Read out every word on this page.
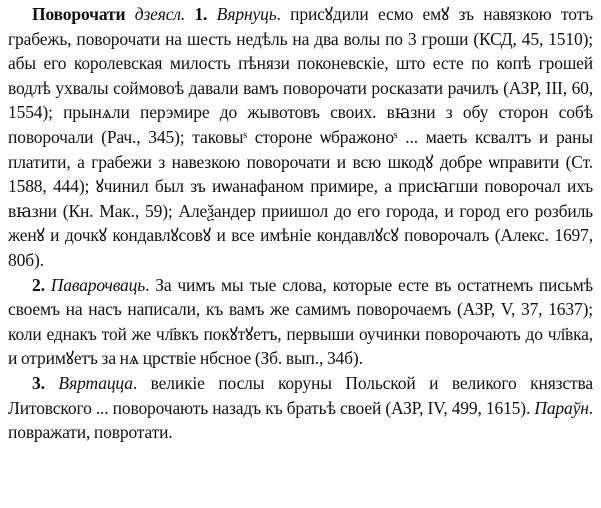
Поворочати дзеясл. 1. Вярнуць. присꙋдили есмо емꙋ зъ навязкою тотъ грабежь, поворочати на шесть недѣль на два волы по 3 гроши (КСД, 45, 1510); абы его королевская милость пѣнязи поконевскіе, што есте по копѣ грошей водлѣ ухвалы соймовоѣ давали вамъ поворочати росказати рачилъ (АЗР, III, 60, 1554); прынѧли перэмире до жывотовъ своих. вꙗзни з обу сторон собѣ поворочали (Рач., 345); таковыˢ стороне ѡбражоноˢ ... маеть ксвалтъ и раны платити, а грабежи з навезкою поворочати и всю шкодꙋ добре ѡправити (Ст. 1588, 444); ꙋчинил был зъ иѡанафаном примире, а присꙗгши поворочал ихъ вꙗзни (Кн. Мак., 59); Алеѯандер приишол до его города, и город его розбиль женꙋ и дочкꙋ кондавлꙋсовꙋ и все имѣніе кондавлꙋсꙋ поворочалъ (Алекс. 1697, 80б).

2. Паварочваць. За чимъ мы тые слова, которые есте въ остатнемъ письмѣ своемъ на насъ написали, къ вамъ же самимъ поворочаемъ (АЗР, V, 37, 1637); коли еднакъ той же чл҃вкъ покꙋтꙋетъ, первыши оучинки поворочають до чл҃вка, и отримꙋетъ за нѧ црствіе нбсное (Зб. вып., 34б).

3. Вяртацца. великіе послы коруны Польской и великого князства Литовского ... поворочають назадъ къ братьѣ своей (АЗР, IV, 499, 1615). Параўн. повражати, повротати.
